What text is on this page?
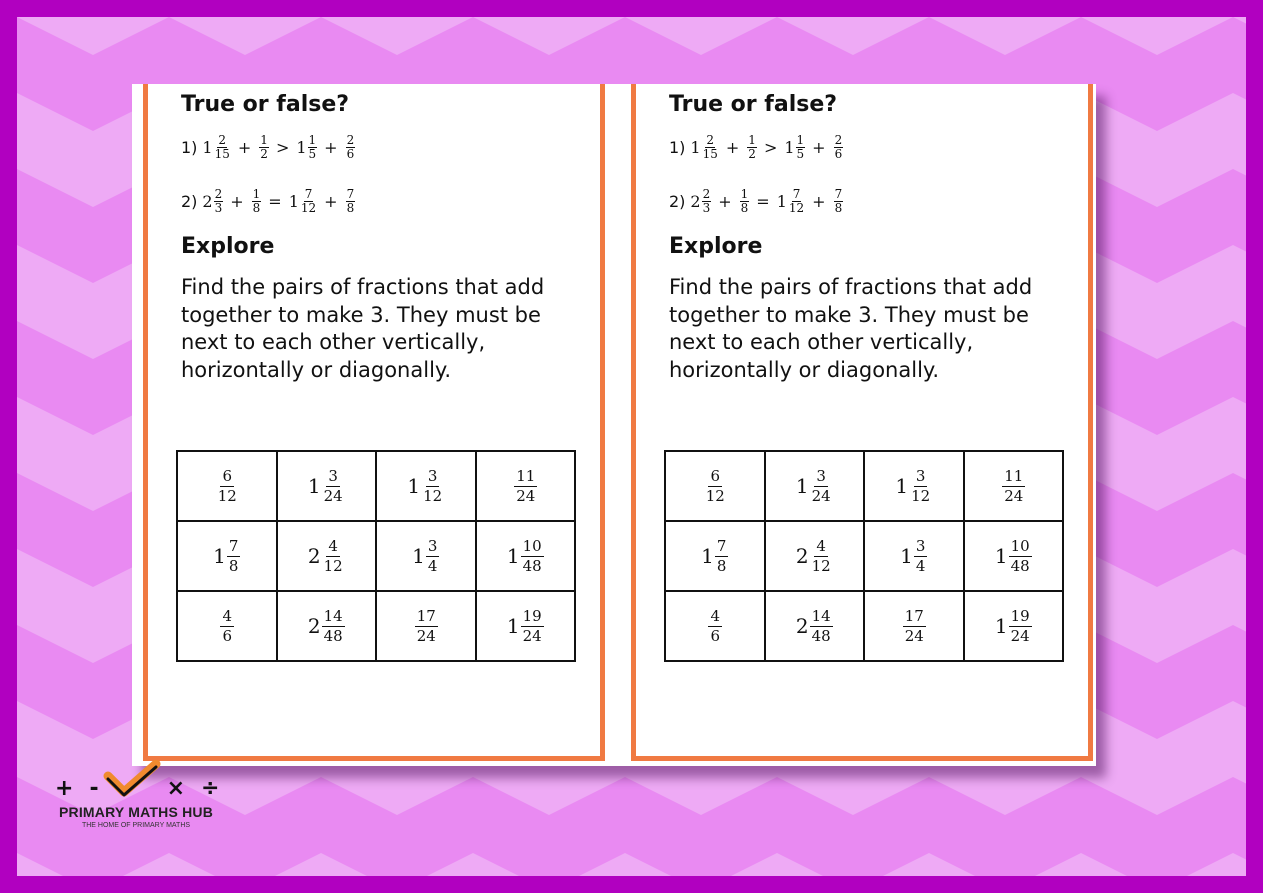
True or false?
1) $1 \frac{2}{15} + \frac{1}{2} > 1 \frac{1}{5} + \frac{2}{6}$
2) $2 \frac{2}{3} + \frac{1}{8} = 1 \frac{7}{12} + \frac{7}{8}$
Explore

Find the pairs of fractions that add together to make 3. They must be next to each other vertically, horizontally or diagonally.

$\frac{6}{12}$	$1 \frac{3}{24}$	$1 \frac{3}{12}$	$\frac{11}{24}$

$1 \frac{7}{8}$	$2 \frac{4}{12}$	$1 \frac{3}{4}$	$1 \frac{10}{48}$

$\frac{4}{6}$	$2 \frac{14}{48}$	$\frac{17}{24}$	$1 \frac{19}{24}$
True or false?
1) $1 \frac{2}{15} + \frac{1}{2} > 1 \frac{1}{5} + \frac{2}{6}$
2) $2 \frac{2}{3} + \frac{1}{8} = 1 \frac{7}{12} + \frac{7}{8}$
Explore

Find the pairs of fractions that add together to make 3. They must be next to each other vertically, horizontally or diagonally.

$\frac{6}{12}$	$1 \frac{3}{24}$	$1 \frac{3}{12}$	$\frac{11}{24}$

$1 \frac{7}{8}$	$2 \frac{4}{12}$	$1 \frac{3}{4}$	$1 \frac{10}{48}$

$\frac{4}{6}$	$2 \frac{14}{48}$	$\frac{17}{24}$	$1 \frac{19}{24}$
+ -	× ÷
PRIMARY MATHS HUB
THE HOME OF PRIMARY MATHS
